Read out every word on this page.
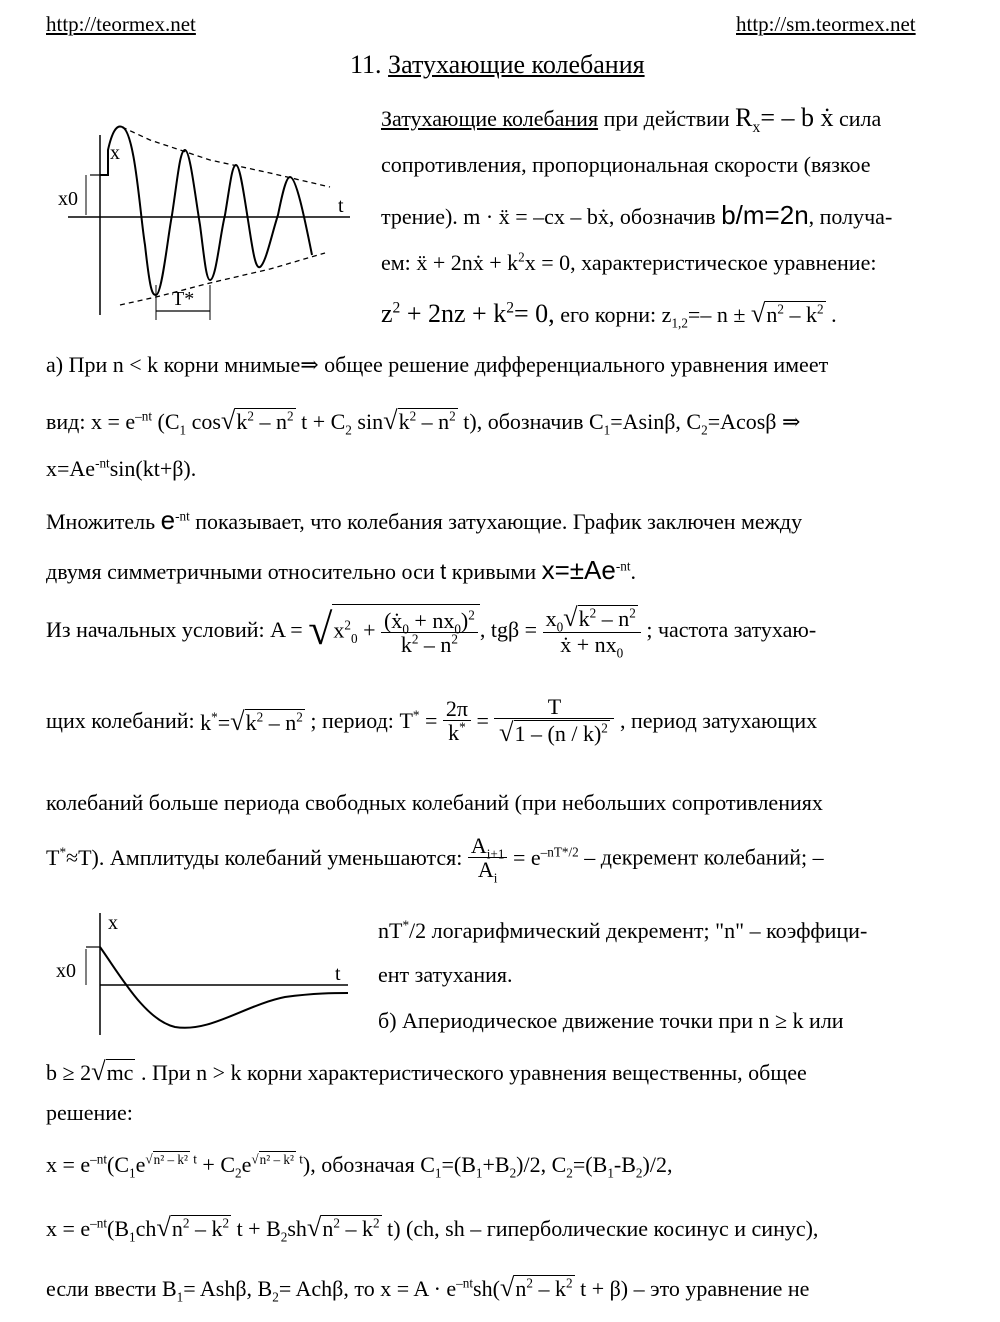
http://teormex.net	http://sm.teormex.net
11. Затухающие колебания
x
x0	t
T*
Затухающие колебания при действии $R_x= - b$ ẋ сила
сопротивления, пропорциональная скорости (вязкое
трение). m · ẍ = –cx – bẋ, обозначив b/m=2n, получа-
ем: ẍ + 2nẋ + $k^2x = 0$, характеристическое уравнение:
$z^2 + 2nz + k^2= 0$, его корни: $z_{1,2}=-$ $n \pm √n^2 - k^2$ .
а) При n < k корни мнимые⇒ общее решение дифференциального уравнения имеет
вид: $x = e^{-nt}$ ($C_1$ $\cos√k^2 - n^2$ $t + C_2$ $\sin√k^2 - n^2$ t), обозначив $C_1=Asin\beta$, $C_2=Acos\beta$ ⇒
$x=Ae^{-nt}\sin(kt+\beta)$.
Множитель $e^{-nt}$ показывает, что колебания затухающие. График заключен между
двумя симметричными относительно оси t кривыми $x=\pm Ae^{-nt}$.
Из начальных условий: $A = √x^2_0 + \frac{(ẋ_0 + nx_0)^2}{k^2 - n^2}$ , $tg\beta = \frac{x_0√k^2 - n^2}{ẋ + nx_0}$ ; частота затухаю-
щих колебаний: $k^*=√k^2 - n^2$ ; период: $T^* = \frac{2\pi}{k^*} = \frac{T}{√1 - (n / k)^2}$ , период затухающих
колебаний больше периода свободных колебаний (при небольших сопротивлениях
T*≈T). Амплитуды колебаний уменьшаются: $\frac{A_{i+1}}{A_i} = e^{-nT*/2}$ – декремент колебаний; –
x
x0	t
nT*/2 логарифмический декремент; "n" – коэффици-
ент затухания.
б) Апериодическое движение точки при n ≥ k или
b ≥ 2√mc . При n > k корни характеристического уравнения вещественны, общее
решение:
$x = e^{-nt}(C_1e^{√n^2 - k^2 t} + C_2e^{√n^2 - k^2 t})$, обозначая $C_1=(B_1+B_2)/2$, $C_2=(B_1-B_2)/2$,
$x = e^{-nt}(B_1ch√n^2 - k^2$ $t + B_2sh√n^2 - k^2$ t) (ch, sh – гиперболические косинус и синус),
если ввести $B_1= Ash\beta$, $B_2= Ach\beta$, то $x = A \cdot e^{-nt}sh(√n^2 - k^2$ t + β) – это уравнение не
